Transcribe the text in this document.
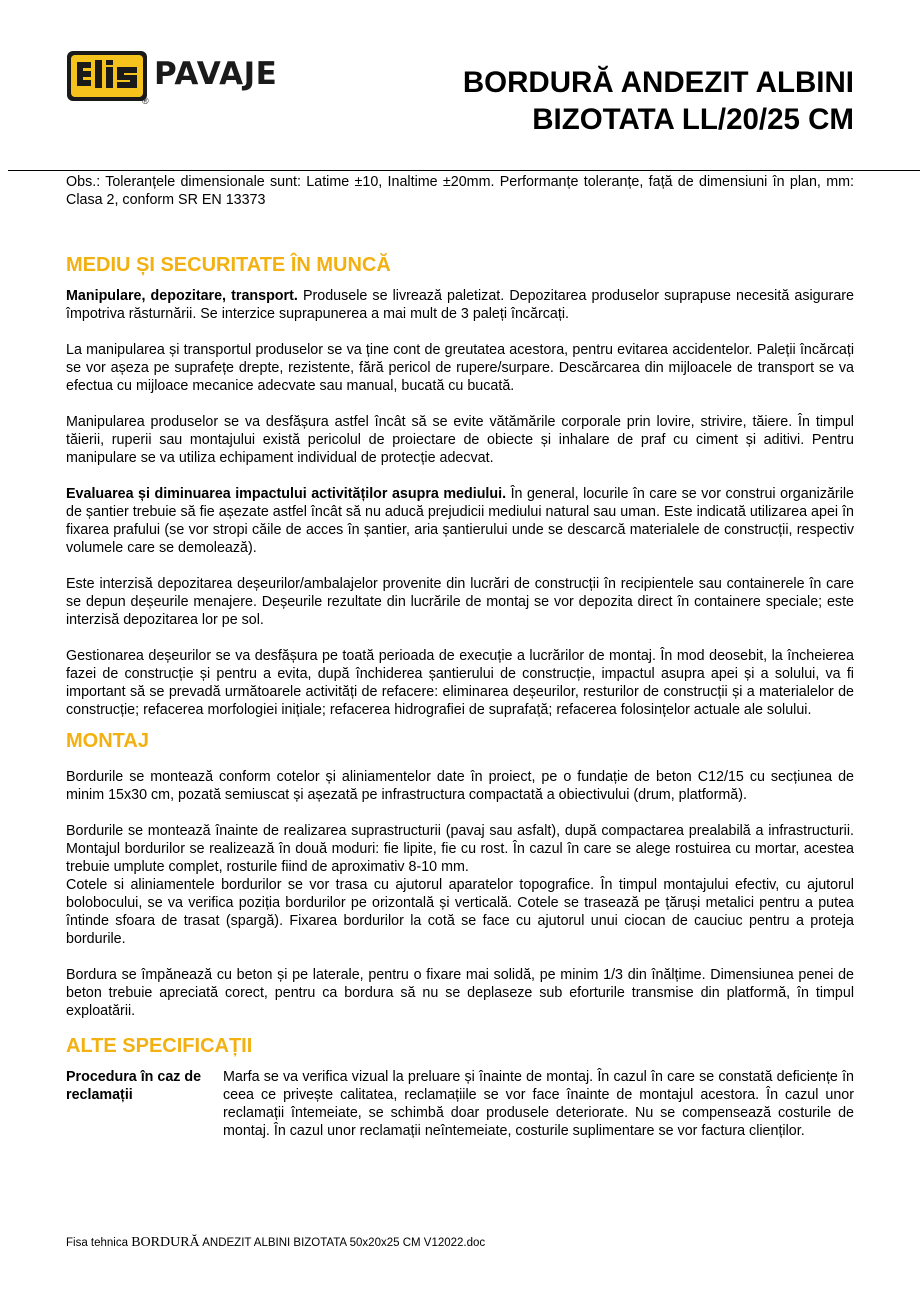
PAVAJE
®
BORDURĂ ANDEZIT ALBINI
BIZOTATA LL/20/25 CM

Obs.: Toleranțele dimensionale sunt: Latime ±10, Inaltime ±20mm. Performanțe toleranțe, față de dimensiuni în plan, mm: Clasa 2, conform SR EN 13373

MEDIU ȘI SECURITATE ÎN MUNCĂ

Manipulare, depozitare, transport. Produsele se livrează paletizat. Depozitarea produselor suprapuse necesită asigurare împotriva răsturnării. Se interzice suprapunerea a mai mult de 3 paleți încărcați.

La manipularea și transportul produselor se va ține cont de greutatea acestora, pentru evitarea accidentelor. Paleții încărcați se vor așeza pe suprafețe drepte, rezistente, fără pericol de rupere/surpare. Descărcarea din mijloacele de transport se va efectua cu mijloace mecanice adecvate sau manual, bucată cu bucată.

Manipularea produselor se va desfășura astfel încât să se evite vătămările corporale prin lovire, strivire, tăiere. În timpul tăierii, ruperii sau montajului există pericolul de proiectare de obiecte și inhalare de praf cu ciment și aditivi. Pentru manipulare se va utiliza echipament individual de protecție adecvat.

Evaluarea și diminuarea impactului activităților asupra mediului. În general, locurile în care se vor construi organizările de șantier trebuie să fie așezate astfel încât să nu aducă prejudicii mediului natural sau uman. Este indicată utilizarea apei în fixarea prafului (se vor stropi căile de acces în șantier, aria șantierului unde se descarcă materialele de construcții, respectiv volumele care se demolează).

Este interzisă depozitarea deșeurilor/ambalajelor provenite din lucrări de construcții în recipientele sau containerele în care se depun deșeurile menajere. Deșeurile rezultate din lucrările de montaj se vor depozita direct în containere speciale; este interzisă depozitarea lor pe sol.

Gestionarea deșeurilor se va desfășura pe toată perioada de execuție a lucrărilor de montaj. În mod deosebit, la încheierea fazei de construcție și pentru a evita, după închiderea șantierului de construcție, impactul asupra apei și a solului, va fi important să se prevadă următoarele activități de refacere: eliminarea deșeurilor, resturilor de construcții și a materialelor de construcție; refacerea morfologiei inițiale; refacerea hidrografiei de suprafață; refacerea folosințelor actuale ale solului.

MONTAJ

Bordurile se montează conform cotelor și aliniamentelor date în proiect, pe o fundație de beton C12/15 cu secțiunea de minim 15x30 cm, pozată semiuscat și așezată pe infrastructura compactată a obiectivului (drum, platformă).

Bordurile se montează înainte de realizarea suprastructurii (pavaj sau asfalt), după compactarea prealabilă a infrastructurii. Montajul bordurilor se realizează în două moduri: fie lipite, fie cu rost. În cazul în care se alege rostuirea cu mortar, acestea trebuie umplute complet, rosturile fiind de aproximativ 8-10 mm.

Cotele si aliniamentele bordurilor se vor trasa cu ajutorul aparatelor topografice. În timpul montajului efectiv, cu ajutorul bolobocului, se va verifica poziția bordurilor pe orizontală și verticală. Cotele se trasează pe țăruși metalici pentru a putea întinde sfoara de trasat (spargă). Fixarea bordurilor la cotă se face cu ajutorul unui ciocan de cauciuc pentru a proteja bordurile.

Bordura se împănează cu beton și pe laterale, pentru o fixare mai solidă, pe minim 1/3 din înălțime. Dimensiunea penei de beton trebuie apreciată corect, pentru ca bordura să nu se deplaseze sub eforturile transmise din platformă, în timpul exploatării.

ALTE SPECIFICAȚII
Procedura în caz de reclamații

Marfa se va verifica vizual la preluare și înainte de montaj. În cazul în care se constată deficiențe în ceea ce privește calitatea, reclamațiile se vor face înainte de montajul acestora. În cazul unor reclamații întemeiate, se schimbă doar produsele deteriorate. Nu se compensează costurile de montaj. În cazul unor reclamații neîntemeiate, costurile suplimentare se vor factura clienților.

Fisa tehnica BORDURĂ ANDEZIT ALBINI BIZOTATA 50x20x25 CM V12022.doc
